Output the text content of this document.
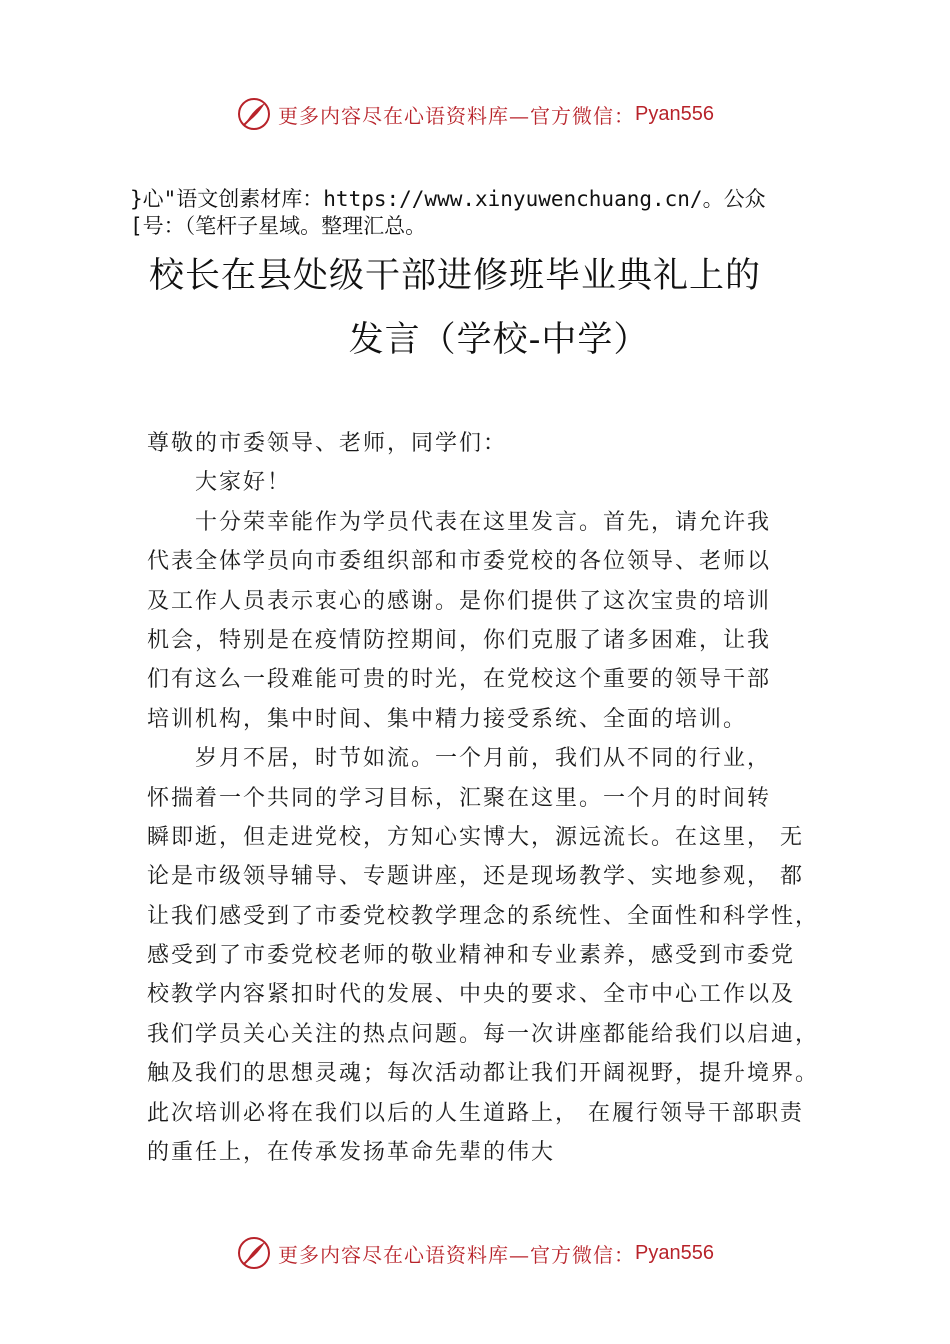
更多内容尽在心语资料库—官方微信： Pyan556
}心"语文创素材库：https://www.xinyuwenchuang.cn/。公众
[号：（笔杆子星域。整理汇总。
校长在县处级干部进修班毕业典礼上的
发言（学校-中学）
尊敬的市委领导、老师，同学们：
大家好！
十分荣幸能作为学员代表在这里发言。首先，请允许我
代表全体学员向市委组织部和市委党校的各位领导、老师以
及工作人员表示衷心的感谢。是你们提供了这次宝贵的培训
机会，特别是在疫情防控期间，你们克服了诸多困难，让我
们有这么一段难能可贵的时光，在党校这个重要的领导干部
培训机构，集中时间、集中精力接受系统、全面的培训。
岁月不居，时节如流。一个月前，我们从不同的行业，
怀揣着一个共同的学习目标，汇聚在这里。一个月的时间转
瞬即逝，但走进党校，方知心实博大，源远流长。在这里， 无
论是市级领导辅导、专题讲座，还是现场教学、实地参观， 都
让我们感受到了市委党校教学理念的系统性、全面性和科学性，
感受到了市委党校老师的敬业精神和专业素养，感受到市委党
校教学内容紧扣时代的发展、中央的要求、全市中心工作以及
我们学员关心关注的热点问题。每一次讲座都能给我们以启迪，
触及我们的思想灵魂；每次活动都让我们开阔视野，提升境界。
此次培训必将在我们以后的人生道路上， 在履行领导干部职责
的重任上，在传承发扬革命先辈的伟大
更多内容尽在心语资料库—官方微信： Pyan556
